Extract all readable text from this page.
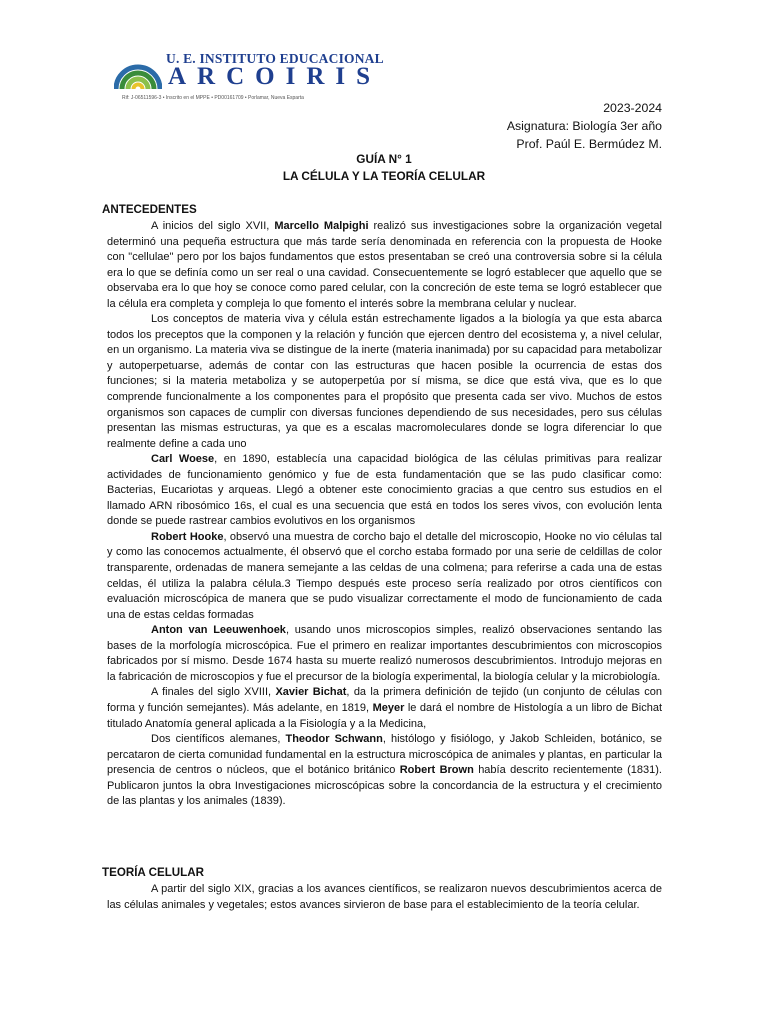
U. E. INSTITUTO EDUCACIONAL
ARCOIRIS
Rif: J-06511596-3 • Inscrito en el MPPE • PD00161709 • Porlamar, Nueva Esparta
2023-2024
Asignatura: Biología 3er año
Prof. Paúl E. Bermúdez M.
GUÍA N° 1
LA CÉLULA Y LA TEORÍA CELULAR
ANTECEDENTES

A inicios del siglo XVII, Marcello Malpighi realizó sus investigaciones sobre la organización vegetal determinó una pequeña estructura que más tarde sería denominada en referencia con la propuesta de Hooke con "cellulae" pero por los bajos fundamentos que estos presentaban se creó una controversia sobre si la célula era lo que se definía como un ser real o una cavidad. Consecuentemente se logró establecer que aquello que se observaba era lo que hoy se conoce como pared celular, con la concreción de este tema se logró establecer que la célula era completa y compleja lo que fomento el interés sobre la membrana celular y nuclear.

Los conceptos de materia viva y célula están estrechamente ligados a la biología ya que esta abarca todos los preceptos que la componen y la relación y función que ejercen dentro del ecosistema y, a nivel celular, en un organismo. La materia viva se distingue de la inerte (materia inanimada) por su capacidad para metabolizar y autoperpetuarse, además de contar con las estructuras que hacen posible la ocurrencia de estas dos funciones; si la materia metaboliza y se autoperpetúa por sí misma, se dice que está viva, que es lo que comprende funcionalmente a los componentes para el propósito que presenta cada ser vivo. Muchos de estos organismos son capaces de cumplir con diversas funciones dependiendo de sus necesidades, pero sus células presentan las mismas estructuras, ya que es a escalas macromoleculares donde se logra diferenciar lo que realmente define a cada uno

Carl Woese, en 1890, establecía una capacidad biológica de las células primitivas para realizar actividades de funcionamiento genómico y fue de esta fundamentación que se las pudo clasificar como: Bacterias, Eucariotas y arqueas. Llegó a obtener este conocimiento gracias a que centro sus estudios en el llamado ARN ribosómico 16s, el cual es una secuencia que está en todos los seres vivos, con evolución lenta donde se puede rastrear cambios evolutivos en los organismos

Robert Hooke, observó una muestra de corcho bajo el detalle del microscopio, Hooke no vio células tal y como las conocemos actualmente, él observó que el corcho estaba formado por una serie de celdillas de color transparente, ordenadas de manera semejante a las celdas de una colmena; para referirse a cada una de estas celdas, él utiliza la palabra célula.3 Tiempo después este proceso sería realizado por otros científicos con evaluación microscópica de manera que se pudo visualizar correctamente el modo de funcionamiento de cada una de estas celdas formadas

Anton van Leeuwenhoek, usando unos microscopios simples, realizó observaciones sentando las bases de la morfología microscópica. Fue el primero en realizar importantes descubrimientos con microscopios fabricados por sí mismo. Desde 1674 hasta su muerte realizó numerosos descubrimientos. Introdujo mejoras en la fabricación de microscopios y fue el precursor de la biología experimental, la biología celular y la microbiología.

A finales del siglo XVIII, Xavier Bichat, da la primera definición de tejido (un conjunto de células con forma y función semejantes). Más adelante, en 1819, Meyer le dará el nombre de Histología a un libro de Bichat titulado Anatomía general aplicada a la Fisiología y a la Medicina,

Dos científicos alemanes, Theodor Schwann, histólogo y fisiólogo, y Jakob Schleiden, botánico, se percataron de cierta comunidad fundamental en la estructura microscópica de animales y plantas, en particular la presencia de centros o núcleos, que el botánico británico Robert Brown había descrito recientemente (1831). Publicaron juntos la obra Investigaciones microscópicas sobre la concordancia de la estructura y el crecimiento de las plantas y los animales (1839).

TEORÍA CELULAR

A partir del siglo XIX, gracias a los avances científicos, se realizaron nuevos descubrimientos acerca de las células animales y vegetales; estos avances sirvieron de base para el establecimiento de la teoría celular.
